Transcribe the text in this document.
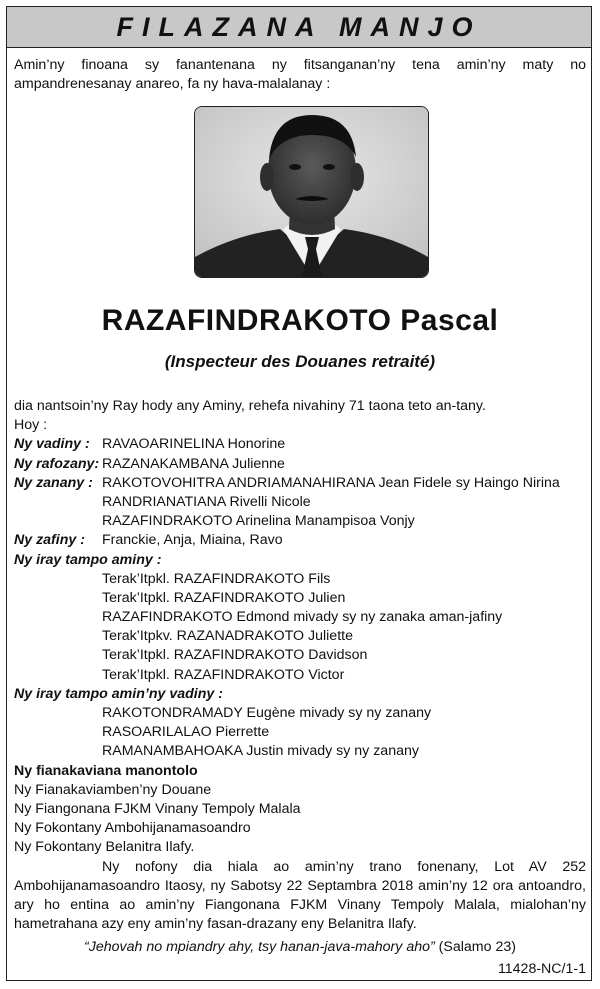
FILAZANA MANJO

Amin’ny finoana sy fanantenana ny fitsanganan’ny tena amin’ny maty no ampandrenesanay anareo, fa ny hava-malalanay :

RAZAFINDRAKOTO Pascal
(Inspecteur des Douanes retraité)
dia nantsoin’ny Ray hody any Aminy, rehefa nivahiny 71 taona teto an-tany.
Hoy :
Ny vadiny : RAVAOARINELINA Honorine
Ny rafozany: RAZANAKAMBANA Julienne
Ny zanany : RAKOTOVOHITRA ANDRIAMANAHIRANA Jean Fidele sy Haingo Nirina
RANDRIANATIANA Rivelli Nicole
RAZAFINDRAKOTO Arinelina Manampisoa Vonjy
Ny zafiny : Franckie, Anja, Miaina, Ravo
Ny iray tampo aminy :
Terak’Itpkl. RAZAFINDRAKOTO Fils
Terak’Itpkl. RAZAFINDRAKOTO Julien
RAZAFINDRAKOTO Edmond mivady sy ny zanaka aman-jafiny
Terak’Itpkv. RAZANADRAKOTO Juliette
Terak’Itpkl. RAZAFINDRAKOTO Davidson
Terak’Itpkl. RAZAFINDRAKOTO Victor
Ny iray tampo amin’ny vadiny :
RAKOTONDRAMADY Eugène mivady sy ny zanany
RASOARILALAO Pierrette
RAMANAMBAHOAKA Justin mivady sy ny zanany
Ny fianakaviana manontolo
Ny Fianakaviamben’ny Douane
Ny Fiangonana FJKM Vinany Tempoly Malala
Ny Fokontany Ambohijanamasoandro
Ny Fokontany Belanitra Ilafy.

Ny nofony dia hiala ao amin’ny trano fonenany, Lot AV 252 Ambohijanamasoandro Itaosy, ny Sabotsy 22 Septambra 2018 amin’ny 12 ora antoandro, ary ho entina ao amin’ny Fiangonana FJKM Vinany Tempoly Malala, mialohan’ny hametrahana azy eny amin’ny fasan-drazany eny Belanitra Ilafy.

“Jehovah no mpiandry ahy, tsy hanan-java-mahory aho” (Salamo 23)
11428-NC/1-1
